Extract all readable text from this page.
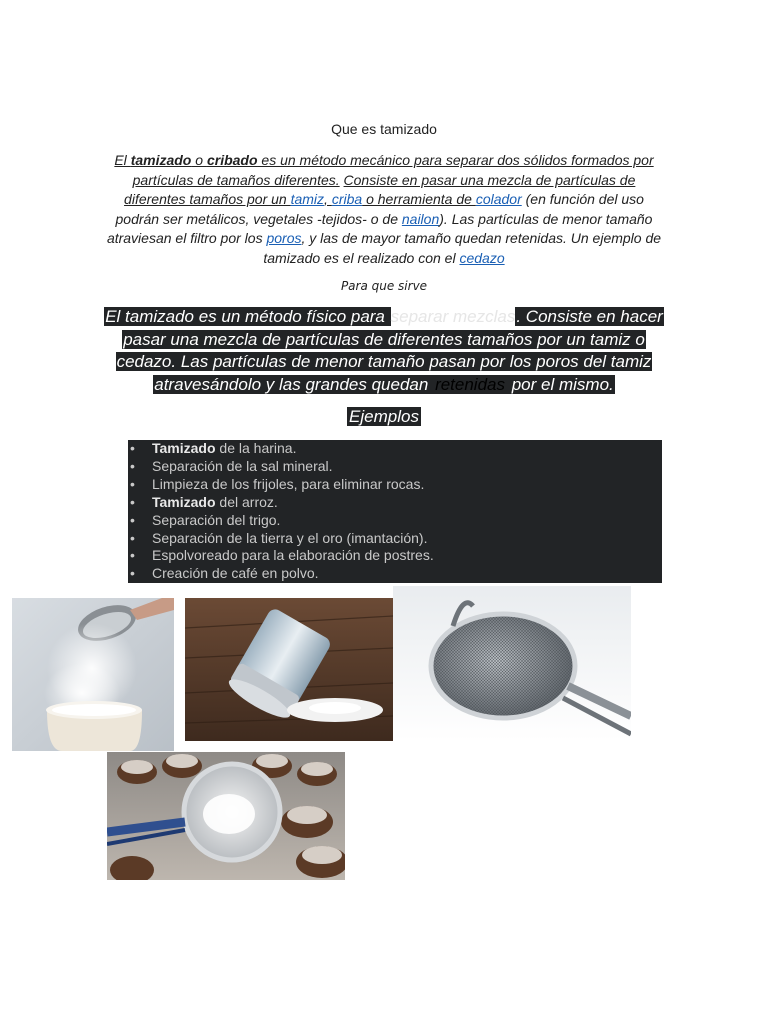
Que es tamizado
El tamizado o cribado es un método mecánico para separar dos sólidos formados por partículas de tamaños diferentes. Consiste en pasar una mezcla de partículas de diferentes tamaños por un tamiz, criba o herramienta de colador (en función del uso podrán ser metálicos, vegetales -tejidos- o de nailon). Las partículas de menor tamaño atraviesan el filtro por los poros, y las de mayor tamaño quedan retenidas. Un ejemplo de tamizado es el realizado con el cedazo
Para que sirve
El tamizado es un método físico para separar mezclas. Consiste en hacer pasar una mezcla de partículas de diferentes tamaños por un tamiz o cedazo. Las partículas de menor tamaño pasan por los poros del tamiz atravesándolo y las grandes quedan retenidas por el mismo.
Ejemplos
• Tamizado de la harina.
• Separación de la sal mineral.
• Limpieza de los frijoles, para eliminar rocas.
• Tamizado del arroz.
• Separación del trigo.
• Separación de la tierra y el oro (imantación).
• Espolvoreado para la elaboración de postres.
• Creación de café en polvo.
